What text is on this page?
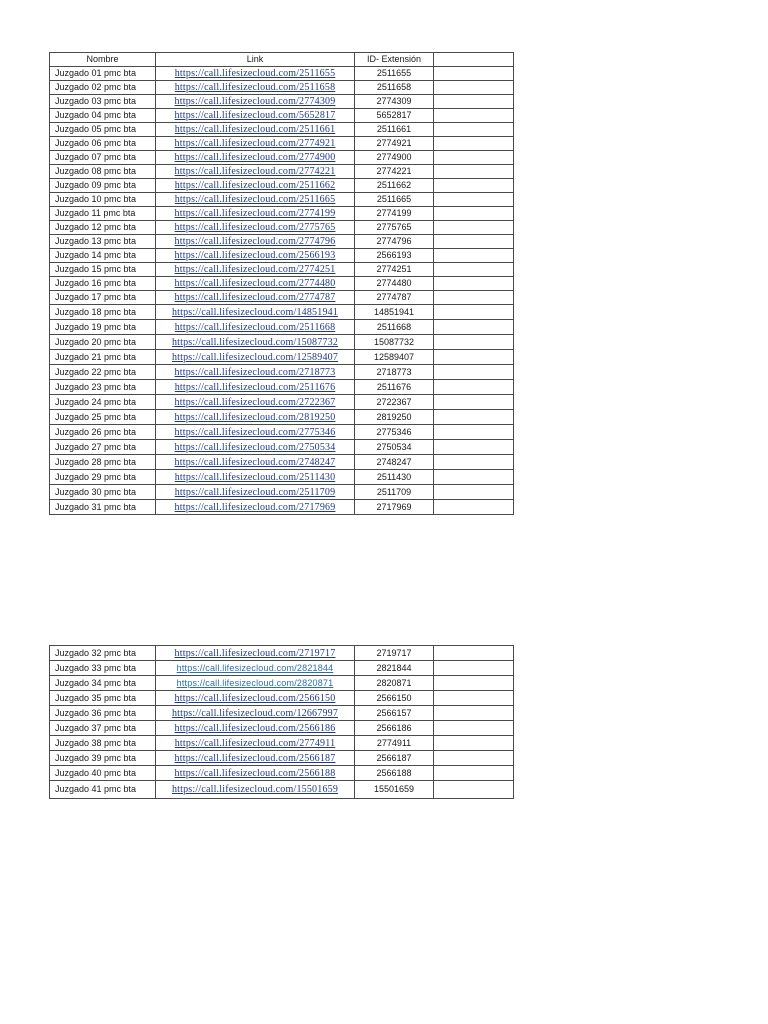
Nombre	Link	ID- Extensión	
Juzgado 01 pmc bta	https://call.lifesizecloud.com/2511655	2511655	
Juzgado 02 pmc bta	https://call.lifesizecloud.com/2511658	2511658	
Juzgado 03 pmc bta	https://call.lifesizecloud.com/2774309	2774309	
Juzgado 04 pmc bta	https://call.lifesizecloud.com/5652817	5652817	
Juzgado 05 pmc bta	https://call.lifesizecloud.com/2511661	2511661	
Juzgado 06 pmc bta	https://call.lifesizecloud.com/2774921	2774921	
Juzgado 07 pmc bta	https://call.lifesizecloud.com/2774900	2774900	
Juzgado 08 pmc bta	https://call.lifesizecloud.com/2774221	2774221	
Juzgado 09 pmc bta	https://call.lifesizecloud.com/2511662	2511662	
Juzgado 10 pmc bta	https://call.lifesizecloud.com/2511665	2511665	
Juzgado 11 pmc bta	https://call.lifesizecloud.com/2774199	2774199	
Juzgado 12 pmc bta	https://call.lifesizecloud.com/2775765	2775765	
Juzgado 13 pmc bta	https://call.lifesizecloud.com/2774796	2774796	
Juzgado 14 pmc bta	https://call.lifesizecloud.com/2566193	2566193	
Juzgado 15 pmc bta	https://call.lifesizecloud.com/2774251	2774251	
Juzgado 16 pmc bta	https://call.lifesizecloud.com/2774480	2774480	
Juzgado 17 pmc bta	https://call.lifesizecloud.com/2774787	2774787	
Juzgado 18 pmc bta	https://call.lifesizecloud.com/14851941	14851941	
Juzgado 19 pmc bta	https://call.lifesizecloud.com/2511668	2511668	
Juzgado 20 pmc bta	https://call.lifesizecloud.com/15087732	15087732	
Juzgado 21 pmc bta	https://call.lifesizecloud.com/12589407	12589407	
Juzgado 22 pmc bta	https://call.lifesizecloud.com/2718773	2718773	
Juzgado 23 pmc bta	https://call.lifesizecloud.com/2511676	2511676	
Juzgado 24 pmc bta	https://call.lifesizecloud.com/2722367	2722367	
Juzgado 25 pmc bta	https://call.lifesizecloud.com/2819250	2819250	
Juzgado 26 pmc bta	https://call.lifesizecloud.com/2775346	2775346	
Juzgado 27 pmc bta	https://call.lifesizecloud.com/2750534	2750534	
Juzgado 28 pmc bta	https://call.lifesizecloud.com/2748247	2748247	
Juzgado 29 pmc bta	https://call.lifesizecloud.com/2511430	2511430	
Juzgado 30 pmc bta	https://call.lifesizecloud.com/2511709	2511709	
Juzgado 31 pmc bta	https://call.lifesizecloud.com/2717969	2717969	
Juzgado 32 pmc bta	https://call.lifesizecloud.com/2719717	2719717	
Juzgado 33 pmc bta	https://call.lifesizecloud.com/2821844	2821844	
Juzgado 34 pmc bta	https://call.lifesizecloud.com/2820871	2820871	
Juzgado 35 pmc bta	https://call.lifesizecloud.com/2566150	2566150	
Juzgado 36 pmc bta	https://call.lifesizecloud.com/12667997	2566157	
Juzgado 37 pmc bta	https://call.lifesizecloud.com/2566186	2566186	
Juzgado 38 pmc bta	https://call.lifesizecloud.com/2774911	2774911	
Juzgado 39 pmc bta	https://call.lifesizecloud.com/2566187	2566187	
Juzgado 40 pmc bta	https://call.lifesizecloud.com/2566188	2566188	
Juzgado 41 pmc bta	https://call.lifesizecloud.com/15501659	15501659	
